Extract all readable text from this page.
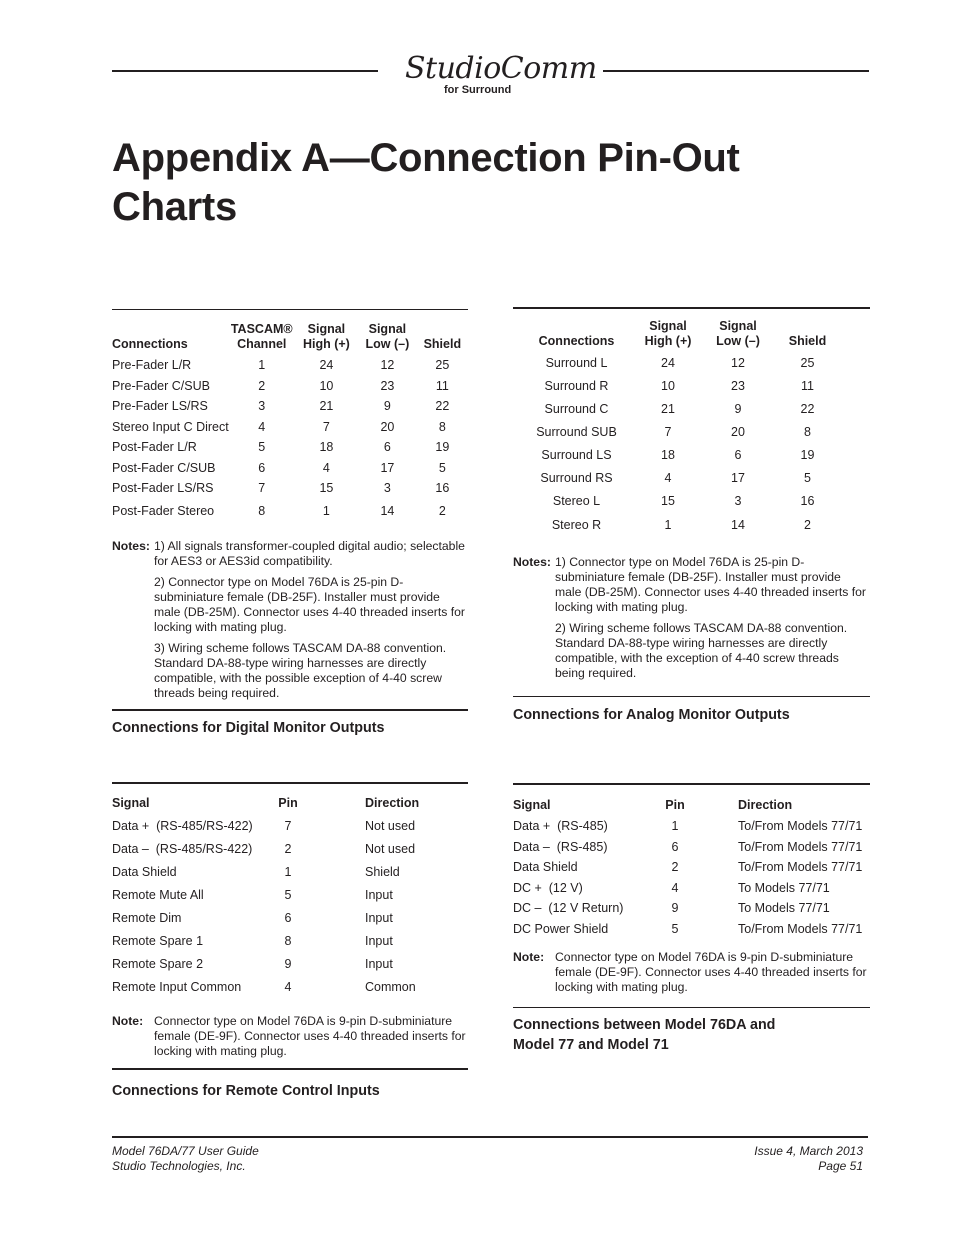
StudioComm
for Surround
Appendix A—Connection Pin-Out Charts
Connections	TASCAM® Channel	Signal High (+)	Signal Low (–)	Shield
Pre-Fader L/R	1	24	12	25
Pre-Fader C/SUB	2	10	23	11
Pre-Fader LS/RS	3	21	9	22
Stereo Input C Direct	4	7	20	8
Post-Fader L/R	5	18	6	19
Post-Fader C/SUB	6	4	17	5
Post-Fader LS/RS	7	15	3	16
Post-Fader Stereo	8	1	14	2
Notes: 1) All signals transformer-coupled digital audio; selectable for AES3 or AES3id compatibility.

2) Connector type on Model 76DA is 25-pin D-subminiature female (DB-25F). Installer must provide male (DB-25M). Connector uses 4-40 threaded inserts for locking with mating plug.

3) Wiring scheme follows TASCAM DA-88 convention. Standard DA-88-type wiring harnesses are directly compatible, with the possible exception of 4-40 screw threads being required.

Connections for Digital Monitor Outputs
Connections	Signal High (+)	Signal Low (–)	Shield
Surround L	24	12	25
Surround R	10	23	11
Surround C	21	9	22
Surround SUB	7	20	8
Surround LS	18	6	19
Surround RS	4	17	5
Stereo L	15	3	16
Stereo R	1	14	2
Notes: 1) Connector type on Model 76DA is 25-pin D-subminiature female (DB-25F). Installer must provide male (DB-25M). Connector uses 4-40 threaded inserts for locking with mating plug.

2) Wiring scheme follows TASCAM DA-88 convention. Standard DA-88-type wiring harnesses are directly compatible, with the exception of 4-40 screw threads being required.

Connections for Analog Monitor Outputs
Signal	Pin	Direction
Data +  (RS-485/RS-422)	7	Not used
Data –  (RS-485/RS-422)	2	Not used
Data Shield	1	Shield
Remote Mute All	5	Input
Remote Dim	6	Input
Remote Spare 1	8	Input
Remote Spare 2	9	Input
Remote Input Common	4	Common
Note: Connector type on Model 76DA is 9-pin D-subminiature female (DE-9F). Connector uses 4-40 threaded inserts for locking with mating plug.

Connections for Remote Control Inputs
Signal	Pin	Direction
Data +  (RS-485)	1	To/From Models 77/71
Data –  (RS-485)	6	To/From Models 77/71
Data Shield	2	To/From Models 77/71
DC +  (12 V)	4	To Models 77/71
DC –  (12 V Return)	9	To Models 77/71
DC Power Shield	5	To/From Models 77/71
Note: Connector type on Model 76DA is 9-pin D-subminiature female (DE-9F). Connector uses 4-40 threaded inserts for locking with mating plug.

Connections between Model 76DA and
Model 77 and Model 71
Model 76DA/77 User Guide
Studio Technologies, Inc.
Issue 4, March 2013
Page 51
